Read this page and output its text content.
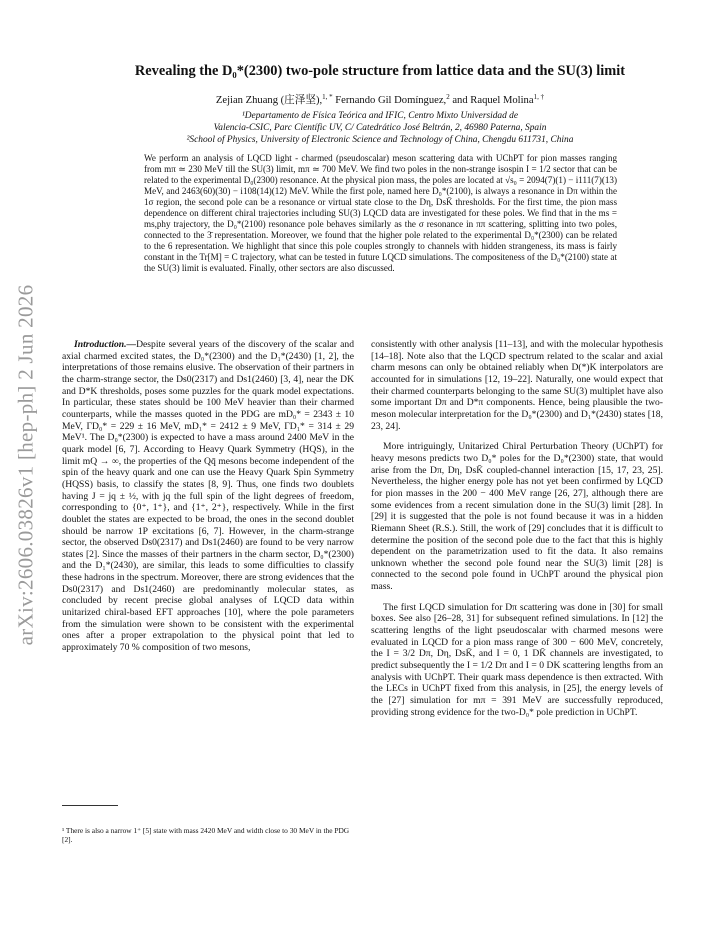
arXiv:2606.03826v1 [hep-ph] 2 Jun 2026
Revealing the D₀*(2300) two-pole structure from lattice data and the SU(3) limit
Zejian Zhuang (庄泽坚),$^{1, *}$ Fernando Gil Domínguez,$^2$ and Raquel Molina$^{1, \dagger}$
¹Departamento de Física Teórica and IFIC, Centro Mixto Universidad de
Valencia-CSIC, Parc Científic UV, C/ Catedrático José Beltrán, 2, 46980 Paterna, Spain
²School of Physics, University of Electronic Science and Technology of China, Chengdu 611731, China
We perform an analysis of LQCD light - charmed (pseudoscalar) meson scattering data with UChPT for pion masses ranging from mπ ≃ 230 MeV till the SU(3) limit, mπ ≃ 700 MeV. We find two poles in the non-strange isospin I = 1/2 sector that can be related to the experimental D₀(2300) resonance. At the physical pion mass, the poles are located at √s₀ = 2094(7)(1) − i111(7)(13) MeV, and 2463(60)(30) − i108(14)(12) MeV. While the first pole, named here D₀*(2100), is always a resonance in Dπ within the 1σ region, the second pole can be a resonance or virtual state close to the Dη, DsK̄ thresholds. For the first time, the pion mass dependence on different chiral trajectories including SU(3) LQCD data are investigated for these poles. We find that in the ms = ms,phy trajectory, the D₀*(2100) resonance pole behaves similarly as the σ resonance in ππ scattering, splitting into two poles, connected to the 3̄ representation. Moreover, we found that the higher pole related to the experimental D₀*(2300) can be related to the 6 representation. We highlight that since this pole couples strongly to channels with hidden strangeness, its mass is fairly constant in the Tr[M] = C trajectory, what can be tested in future LQCD simulations. The compositeness of the D₀*(2100) state at the SU(3) limit is evaluated. Finally, other sectors are also discussed.

Introduction.—Despite several years of the discovery of the scalar and axial charmed excited states, the D₀*(2300) and the D₁*(2430) [1, 2], the interpretations of those remains elusive. The observation of their partners in the charm-strange sector, the Ds0(2317) and Ds1(2460) [3, 4], near the DK and D*K thresholds, poses some puzzles for the quark model expectations. In particular, these states should be 100 MeV heavier than their charmed counterparts, while the masses quoted in the PDG are mD₀* = 2343 ± 10 MeV, ΓD₀* = 229 ± 16 MeV, mD₁* = 2412 ± 9 MeV, ΓD₁* = 314 ± 29 MeV¹. The D₀*(2300) is expected to have a mass around 2400 MeV in the quark model [6, 7]. According to Heavy Quark Symmetry (HQS), in the limit mQ → ∞, the properties of the Qq̄ mesons become independent of the spin of the heavy quark and one can use the Heavy Quark Spin Symmetry (HQSS) basis, to classify the states [8, 9]. Thus, one finds two doublets having J = jq ± ½, with jq the full spin of the light degrees of freedom, corresponding to {0⁺, 1⁺}, and {1⁺, 2⁺}, respectively. While in the first doublet the states are expected to be broad, the ones in the second doublet should be narrow 1P excitations [6, 7]. However, in the charm-strange sector, the observed Ds0(2317) and Ds1(2460) are found to be very narrow states [2]. Since the masses of their partners in the charm sector, D₀*(2300) and the D₁*(2430), are similar, this leads to some difficulties to classify these hadrons in the spectrum. Moreover, there are strong evidences that the Ds0(2317) and Ds1(2460) are predominantly molecular states, as concluded by recent precise global analyses of LQCD data within unitarized chiral-based EFT approaches [10], where the pole parameters from the simulation were shown to be consistent with the experimental ones after a proper extrapolation to the physical point that led to approximately 70 % composition of two mesons,

consistently with other analysis [11–13], and with the molecular hypothesis [14–18]. Note also that the LQCD spectrum related to the scalar and axial charm mesons can only be obtained reliably when D(*)K interpolators are accounted for in simulations [12, 19–22]. Naturally, one would expect that their charmed counterparts belonging to the same SU(3) multiplet have also some important Dπ and D*π components. Hence, being plausible the two-meson molecular interpretation for the D₀*(2300) and D₁*(2430) states [18, 23, 24].

More intriguingly, Unitarized Chiral Perturbation Theory (UChPT) for heavy mesons predicts two D₀* poles for the D₀*(2300) state, that would arise from the Dπ, Dη, DsK̄ coupled-channel interaction [15, 17, 23, 25]. Nevertheless, the higher energy pole has not yet been confirmed by LQCD for pion masses in the 200 − 400 MeV range [26, 27], although there are some evidences from a recent simulation done in the SU(3) limit [28]. In [29] it is suggested that the pole is not found because it was in a hidden Riemann Sheet (R.S.). Still, the work of [29] concludes that it is difficult to determine the position of the second pole due to the fact that this is highly dependent on the parametrization used to fit the data. It also remains unknown whether the second pole found near the SU(3) limit [28] is connected to the second pole found in UChPT around the physical pion mass.

The first LQCD simulation for Dπ scattering was done in [30] for small boxes. See also [26–28, 31] for subsequent refined simulations. In [12] the scattering lengths of the light pseudoscalar with charmed mesons were evaluated in LQCD for a pion mass range of 300 − 600 MeV, concretely, the I = 3/2 Dπ, Dη, DsK̄, and I = 0, 1 DK̄ channels are investigated, to predict subsequently the I = 1/2 Dπ and I = 0 DK scattering lengths from an analysis with UChPT. Their quark mass dependence is then extracted. With the LECs in UChPT fixed from this analysis, in [25], the energy levels of the [27] simulation for mπ = 391 MeV are successfully reproduced, providing strong evidence for the two-D₀* pole prediction in UChPT.

¹ There is also a narrow 1⁺ [5] state with mass 2420 MeV and width close to 30 MeV in the PDG [2].
